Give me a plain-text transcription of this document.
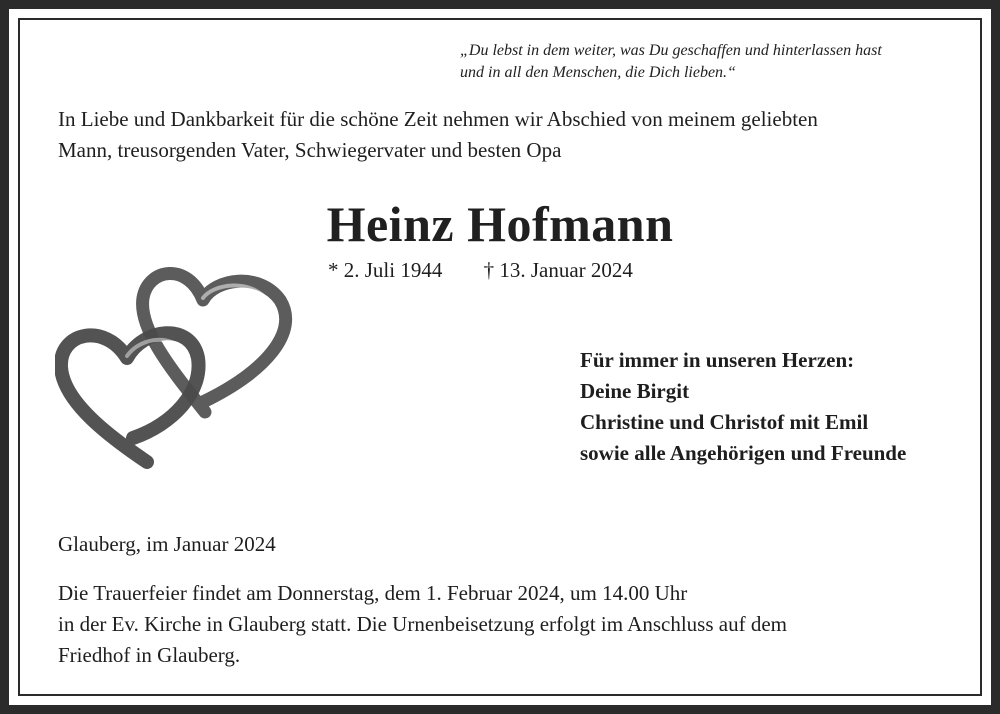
„Du lebst in dem weiter, was Du geschaffen und hinterlassen hast
und in all den Menschen, die Dich lieben.“
In Liebe und Dankbarkeit für die schöne Zeit nehmen wir Abschied von meinem geliebten
Mann, treusorgenden Vater, Schwiegervater und besten Opa
Heinz Hofmann
* 2. Juli 1944 † 13. Januar 2024
Für immer in unseren Herzen:
Deine Birgit
Christine und Christof mit Emil
sowie alle Angehörigen und Freunde
Glauberg, im Januar 2024
Die Trauerfeier findet am Donnerstag, dem 1. Februar 2024, um 14.00 Uhr
in der Ev. Kirche in Glauberg statt. Die Urnenbeisetzung erfolgt im Anschluss auf dem
Friedhof in Glauberg.
